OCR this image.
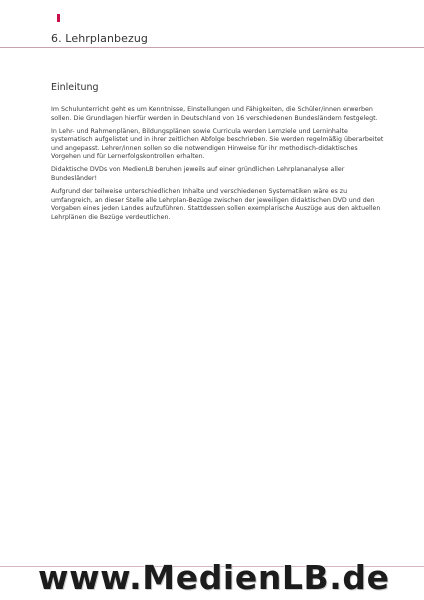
6. Lehrplanbezug
Einleitung

Im Schulunterricht geht es um Kenntnisse, Einstellungen und Fähigkeiten, die Schüler/innen erwerben sollen. Die Grundlagen hierfür werden in Deutschland von 16 verschiedenen Bundesländern festgelegt.

In Lehr- und Rahmenplänen, Bildungsplänen sowie Curricula werden Lernziele und Lerninhalte systematisch aufgelistet und in ihrer zeitlichen Abfolge beschrieben. Sie werden regelmäßig überarbeitet und angepasst. Lehrer/innen sollen so die notwendigen Hinweise für ihr methodisch-didaktisches Vorgehen und für Lernerfolgskontrollen erhalten.

Didaktische DVDs von MedienLB beruhen jeweils auf einer gründlichen Lehrplananalyse aller Bundesländer!

Aufgrund der teilweise unterschiedlichen Inhalte und verschiedenen Systematiken wäre es zu umfangreich, an dieser Stelle alle Lehrplan-Bezüge zwischen der jeweiligen didaktischen DVD und den Vorgaben eines jeden Landes aufzuführen. Stattdessen sollen exemplarische Auszüge aus den aktuellen Lehrplänen die Bezüge verdeutlichen.

www.MedienLB.de
